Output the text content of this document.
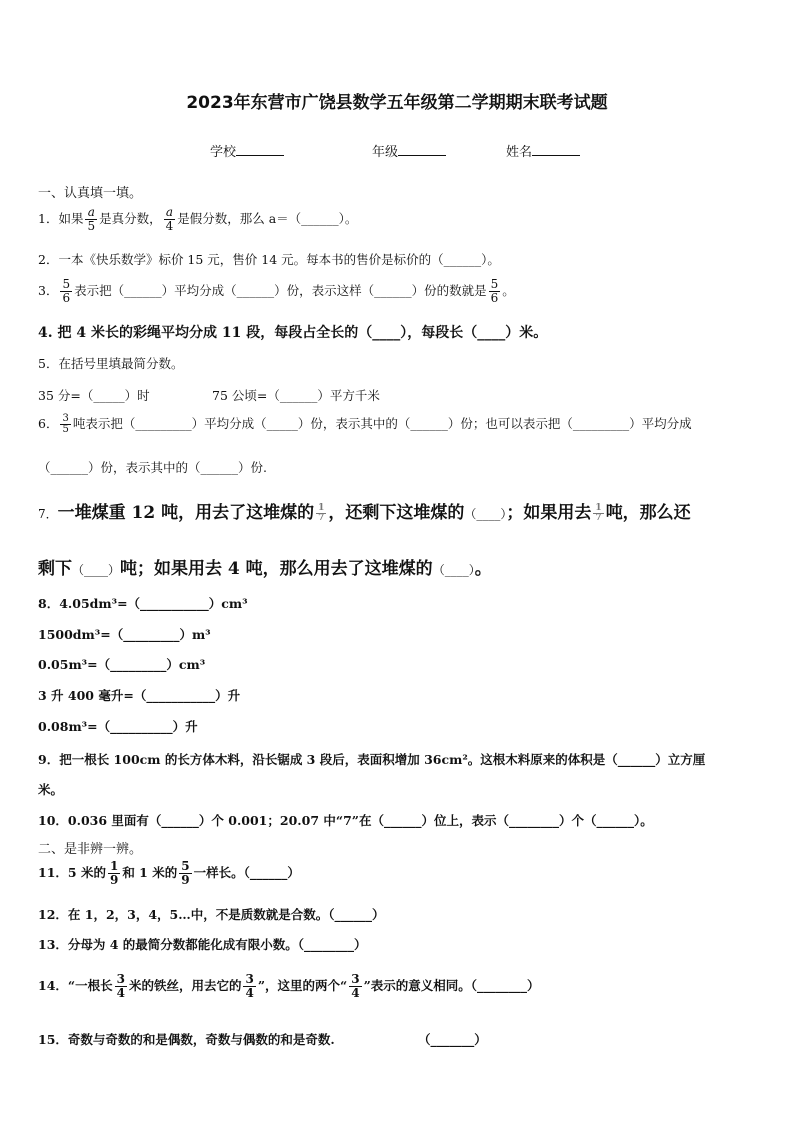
2023年东营市广饶县数学五年级第二学期期末联考试题
学校	年级	姓名
一、认真填一填。
1．如果 $\frac{a}{5}$ 是真分数， $\frac{a}{4}$ 是假分数，那么 a＝（______）。
2．一本《快乐数学》标价 15 元，售价 14 元。每本书的售价是标价的（______）。
3． $\frac{5}{6}$ 表示把（______）平均分成（______）份，表示这样（______）份的数就是 $\frac{5}{6}$ 。
4. 把 4 米长的彩绳平均分成 11 段，每段占全长的（____），每段长（____）米。
5．在括号里填最简分数。
35 分=（_____）时	75 公顷=（______）平方千米
6． $\frac{3}{5}$ 吨表示把（_________）平均分成（_____）份，表示其中的（______）份；也可以表示把（_________）平均分成
（______）份，表示其中的（______）份.
7．一堆煤重 12 吨，用去了这堆煤的 $\frac{1}{7}$ ，还剩下这堆煤的（____）；如果用去 $\frac{1}{7}$ 吨，那么还
剩下（____）吨；如果用去 4 吨，那么用去了这堆煤的（____）。
8．4.05dm³=（___________）cm³
1500dm³=（_________）m³
0.05m³=（_________）cm³
3 升 400 毫升=（___________）升
0.08m³=（__________）升
9．把一根长 100cm 的长方体木料，沿长锯成 3 段后，表面积增加 36cm²。这根木料原来的体积是（______）立方厘
米。
10．0.036 里面有（______）个 0.001；20.07 中“7”在（______）位上，表示（________）个（______）。
二、是非辨一辨。
11．5 米的 $\frac{1}{9}$ 和 1 米的 $\frac{5}{9}$ 一样长。（______）
12．在 1，2，3，4，5…中，不是质数就是合数。（______）
13．分母为 4 的最简分数都能化成有限小数。（________）
14．“一根长 $\frac{3}{4}$ 米的铁丝，用去它的 $\frac{3}{4}$ ”，这里的两个“ $\frac{3}{4}$ ”表示的意义相同。（________）
15．奇数与奇数的和是偶数，奇数与偶数的和是奇数.	（_______）
